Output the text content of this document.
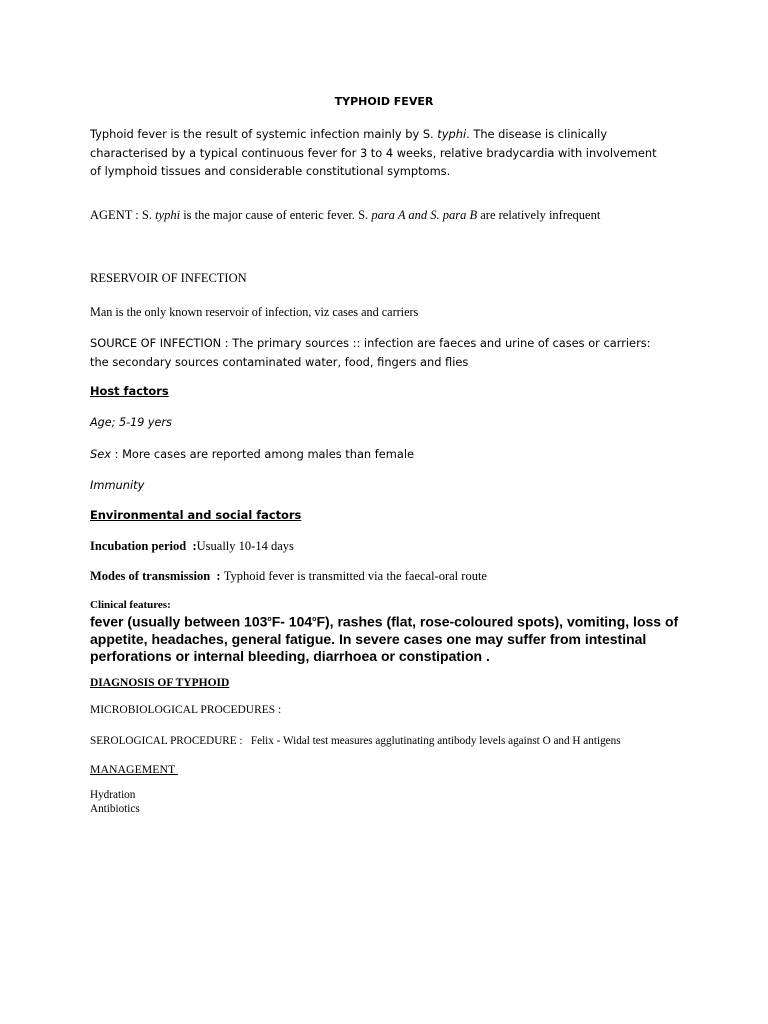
TYPHOID FEVER
Typhoid fever is the result of systemic infection mainly by S. typhi. The disease is clinically characterised by a typical continuous fever for 3 to 4 weeks, relative bradycardia with involvement of lymphoid tissues and considerable constitutional symptoms.
AGENT : S. typhi is the major cause of enteric fever. S. para A and S. para B are relatively infrequent
RESERVOIR OF INFECTION
Man is the only known reservoir of infection, viz cases and carriers
SOURCE OF INFECTION : The primary sources :: infection are faeces and urine of cases or carriers: the secondary sources contaminated water, food, fingers and flies
Host factors
Age; 5-19 yers
Sex : More cases are reported among males than female
Immunity
Environmental and social factors
Incubation period  :Usually 10-14 days
Modes of transmission  : Typhoid fever is transmitted via the faecal-oral route
Clinical features:
fever (usually between 103$^o$F- 104$^o$F), rashes (flat, rose-coloured spots), vomiting, loss of appetite, headaches, general fatigue. In severe cases one may suffer from intestinal perforations or internal bleeding, diarrhoea or constipation .
DIAGNOSIS OF TYPHOID
MICROBIOLOGICAL PROCEDURES :
SEROLOGICAL PROCEDURE :   Felix - Widal test measures agglutinating antibody levels against O and H antigens
MANAGEMENT
Hydration
Antibiotics
